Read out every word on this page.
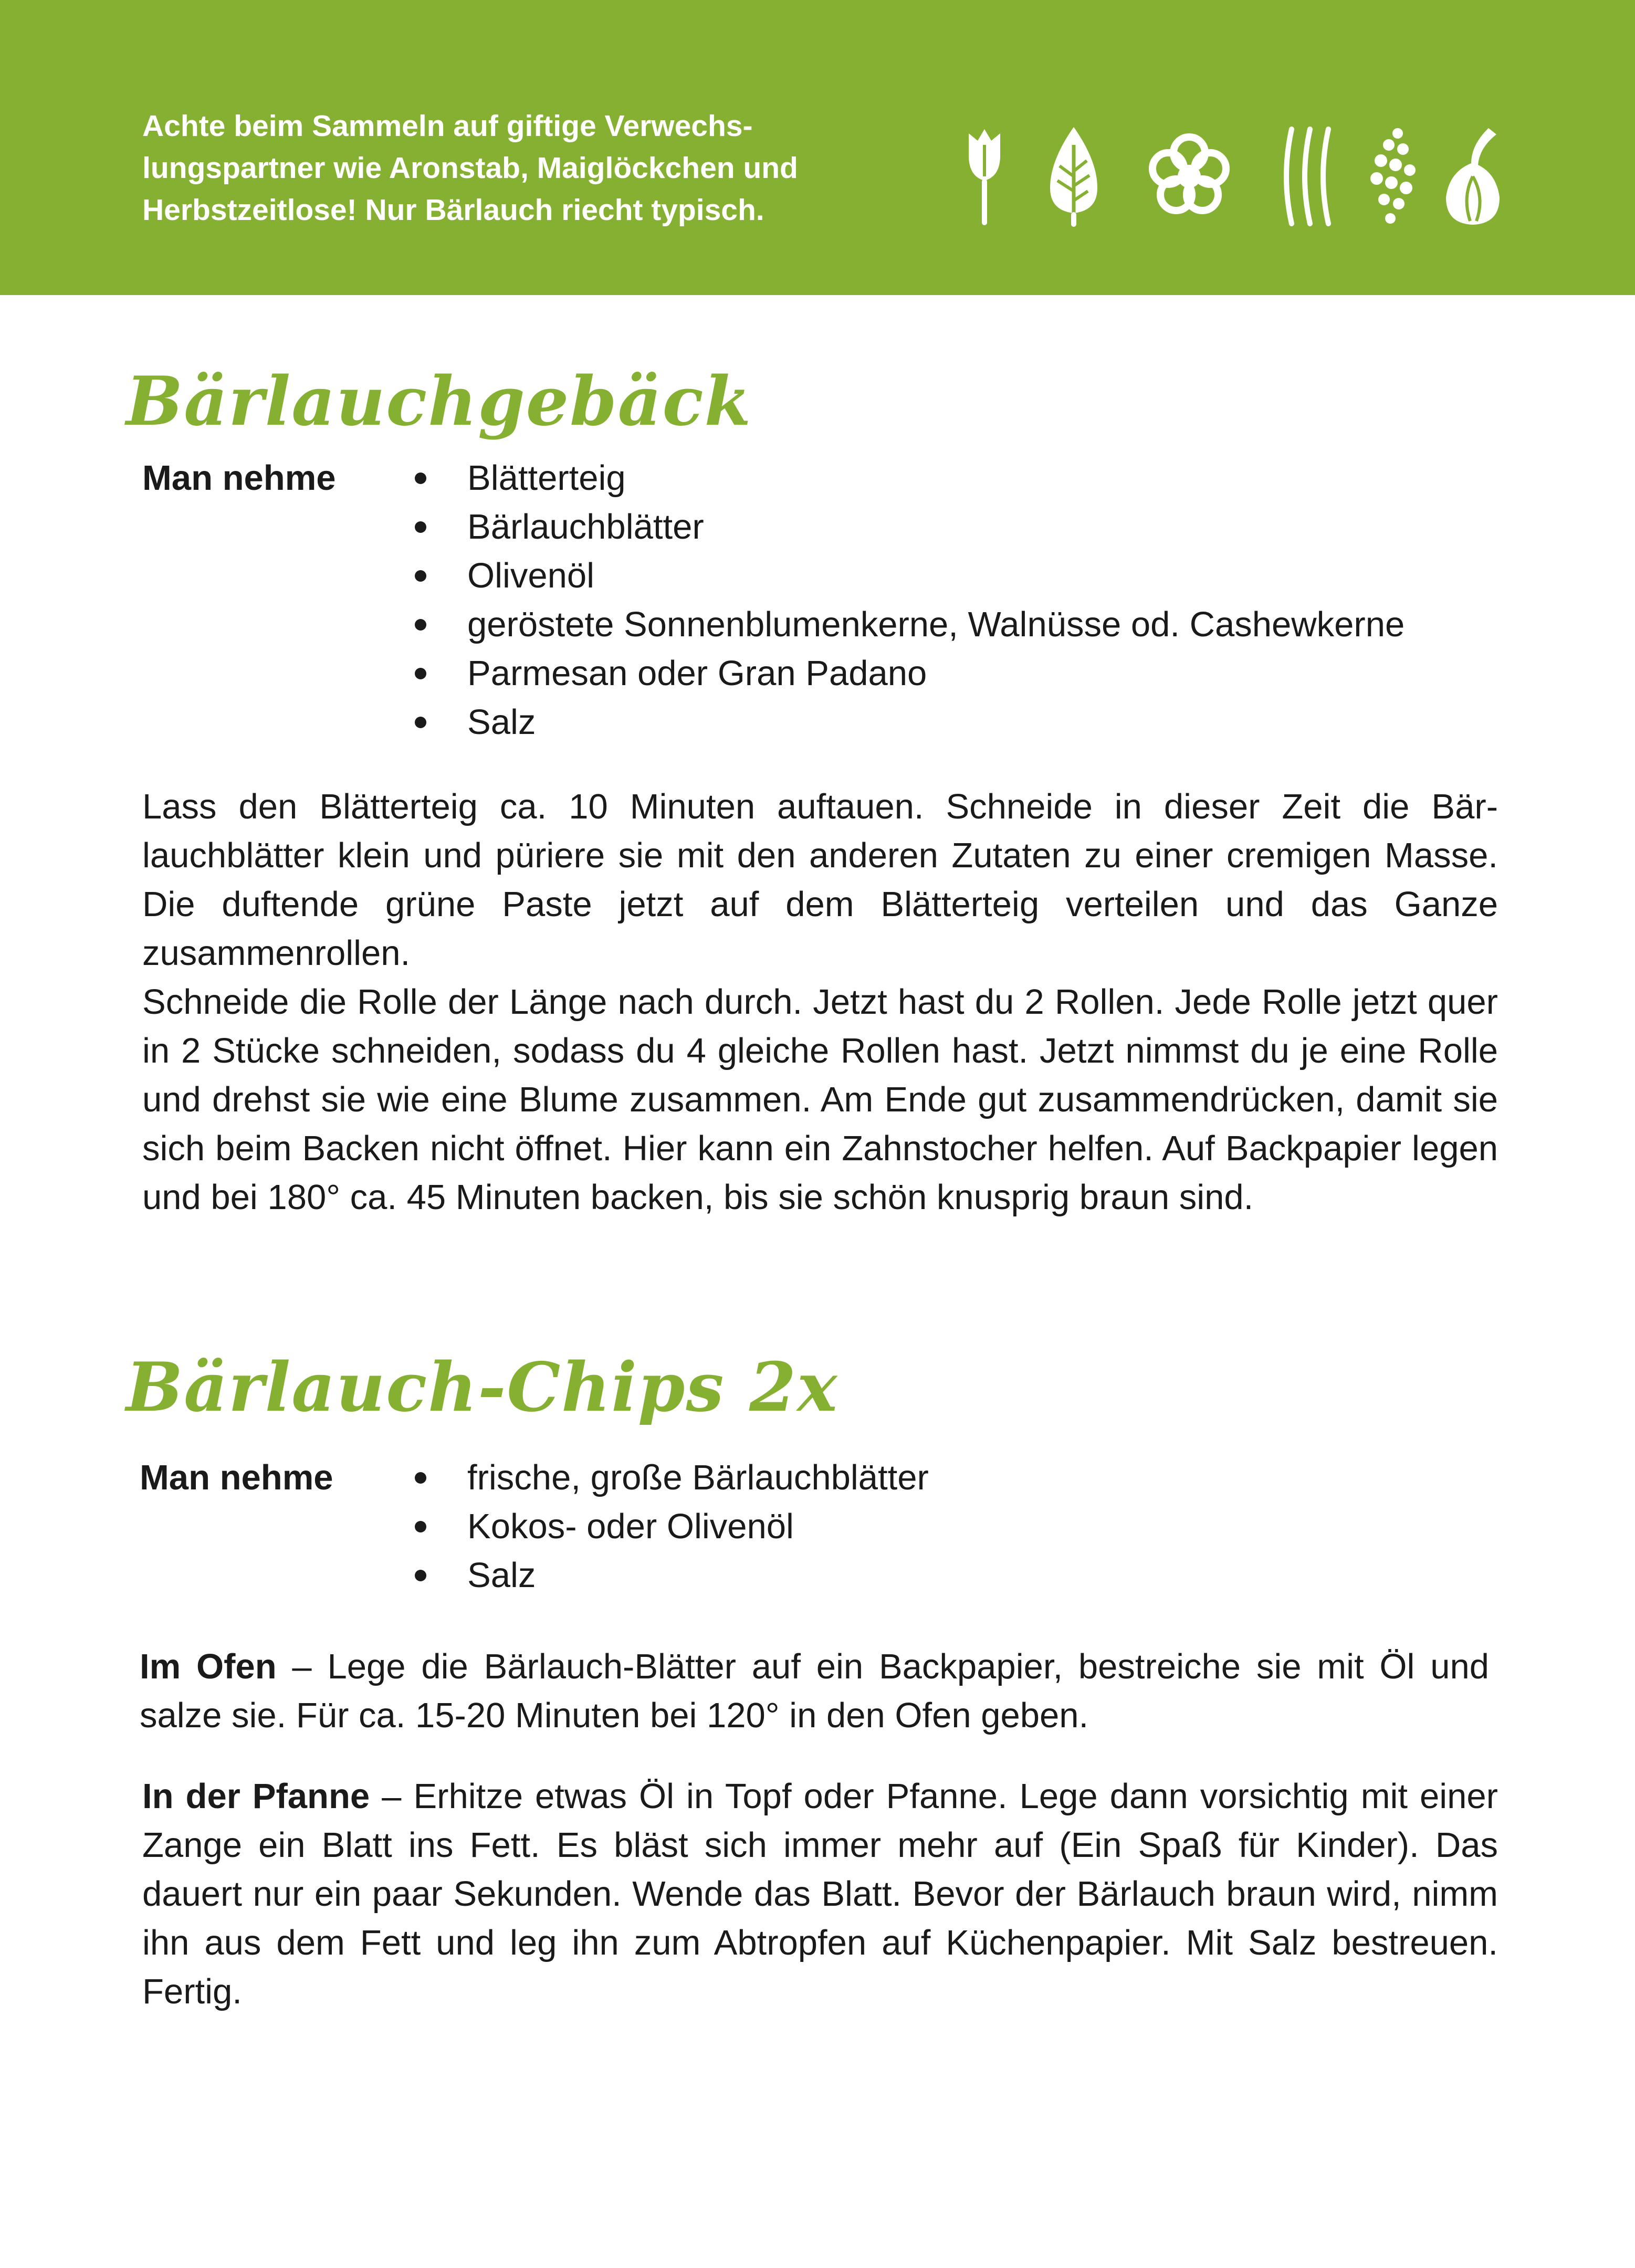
Achte beim Sammeln auf giftige Verwechs-
lungspartner wie Aronstab, Maiglöckchen und
Herbstzeitlose! Nur Bärlauch riecht typisch.
Bärlauchgebäck
Man nehme	Blätterteig
Bärlauchblätter
Olivenöl
geröstete Sonnenblumenkerne, Walnüsse od. Cashewkerne
Parmesan oder Gran Padano
Salz

Lass den Blätterteig ca. 10 Minuten auftauen. Schneide in dieser Zeit die Bärlauchblätter klein und püriere sie mit den anderen Zutaten zu einer cremigen Masse. Die duftende grüne Paste jetzt auf dem Blätterteig verteilen und das Ganze zusammenrollen.

Schneide die Rolle der Länge nach durch. Jetzt hast du 2 Rollen. Jede Rolle jetzt quer in 2 Stücke schneiden, sodass du 4 gleiche Rollen hast. Jetzt nimmst du je eine Rolle und drehst sie wie eine Blume zusammen. Am Ende gut zusammendrücken, damit sie sich beim Backen nicht öffnet. Hier kann ein Zahnstocher helfen. Auf Backpapier legen und bei 180° ca. 45 Minuten backen, bis sie schön knusprig braun sind.

Bärlauch-Chips 2x
Man nehme	frische, große Bärlauchblätter
Kokos- oder Olivenöl
Salz

Im Ofen – Lege die Bärlauch-Blätter auf ein Backpapier, bestreiche sie mit Öl und salze sie. Für ca. 15-20 Minuten bei 120° in den Ofen geben.

In der Pfanne – Erhitze etwas Öl in Topf oder Pfanne. Lege dann vorsichtig mit einer Zange ein Blatt ins Fett. Es bläst sich immer mehr auf (Ein Spaß für Kinder). Das dauert nur ein paar Sekunden. Wende das Blatt. Bevor der Bärlauch braun wird, nimm ihn aus dem Fett und leg ihn zum Abtropfen auf Küchenpapier. Mit Salz bestreuen. Fertig.
